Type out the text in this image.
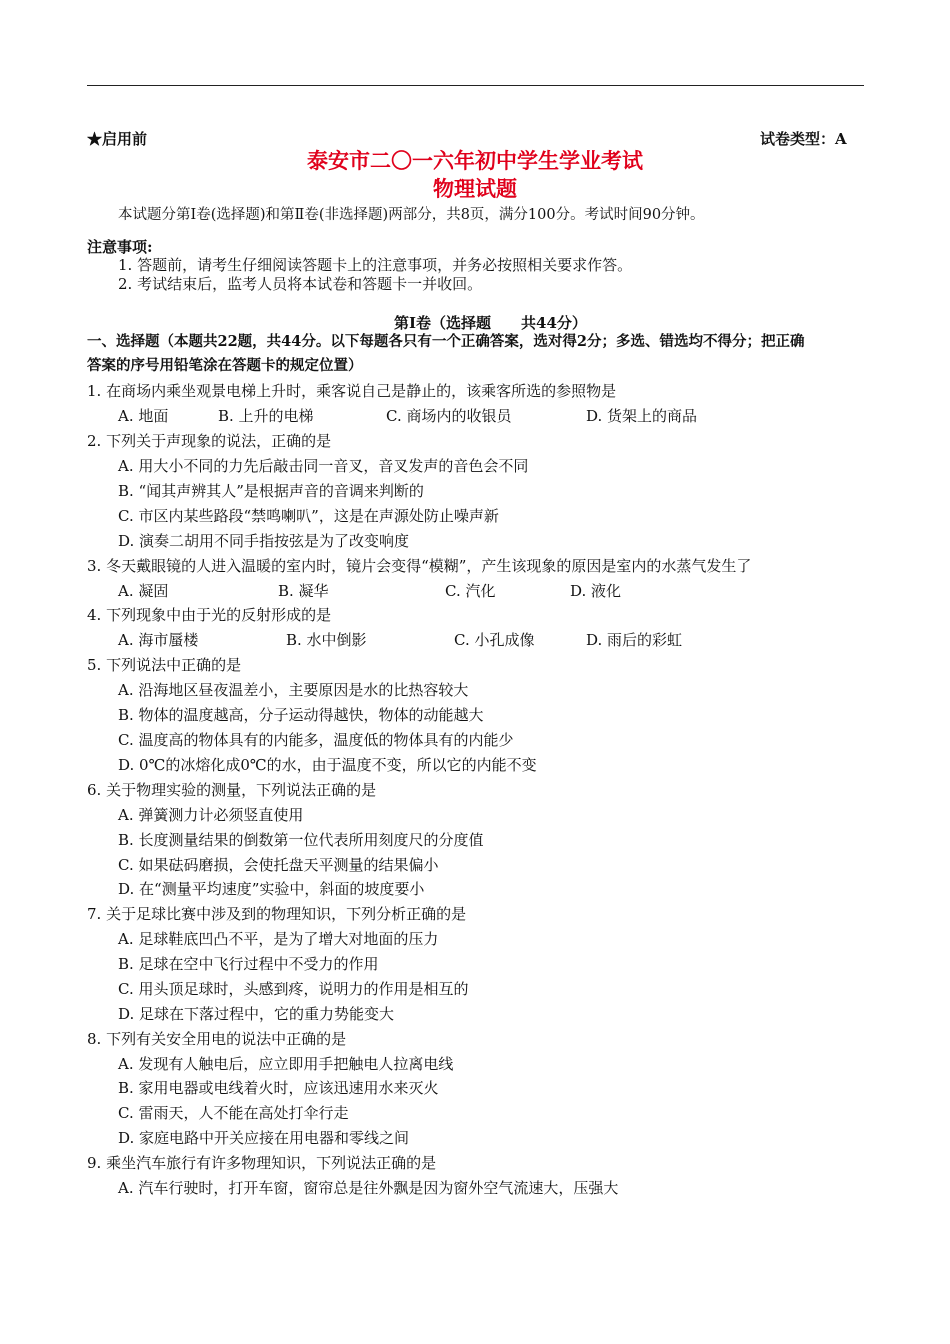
★启用前	试卷类型：A
泰安市二〇一六年初中学生学业考试
物理试题
本试题分第Ⅰ卷(选择题)和第Ⅱ卷(非选择题)两部分，共8页，满分100分。考试时间90分钟。
注意事项:
1. 答题前，请考生仔细阅读答题卡上的注意事项，并务必按照相关要求作答。
2. 考试结束后，监考人员将本试卷和答题卡一并收回。
第Ⅰ卷（选择题　　共44分）
一、选择题（本题共22题，共44分。以下每题各只有一个正确答案，选对得2分；多选、错选均不得分；把正确
答案的序号用铅笔涂在答题卡的规定位置）
1. 在商场内乘坐观景电梯上升时，乘客说自己是静止的，该乘客所选的参照物是
A. 地面	B. 上升的电梯	C. 商场内的收银员	D. 货架上的商品
2. 下列关于声现象的说法，正确的是
A. 用大小不同的力先后敲击同一音叉，音叉发声的音色会不同
B. “闻其声辨其人”是根据声音的音调来判断的
C. 市区内某些路段“禁鸣喇叭”，这是在声源处防止噪声新
D. 演奏二胡用不同手指按弦是为了改变响度
3. 冬天戴眼镜的人进入温暖的室内时，镜片会变得“模糊”，产生该现象的原因是室内的水蒸气发生了
A. 凝固	B. 凝华	C. 汽化	D. 液化
4. 下列现象中由于光的反射形成的是
A. 海市蜃楼	B. 水中倒影	C. 小孔成像	D. 雨后的彩虹
5. 下列说法中正确的是
A. 沿海地区昼夜温差小，主要原因是水的比热容较大
B. 物体的温度越高，分子运动得越快，物体的动能越大
C. 温度高的物体具有的内能多，温度低的物体具有的内能少
D. 0℃的冰熔化成0℃的水，由于温度不变，所以它的内能不变
6. 关于物理实验的测量，下列说法正确的是
A. 弹簧测力计必须竖直使用
B. 长度测量结果的倒数第一位代表所用刻度尺的分度值
C. 如果砝码磨损，会使托盘天平测量的结果偏小
D. 在“测量平均速度”实验中，斜面的坡度要小
7. 关于足球比赛中涉及到的物理知识，下列分析正确的是
A. 足球鞋底凹凸不平，是为了增大对地面的压力
B. 足球在空中飞行过程中不受力的作用
C. 用头顶足球时，头感到疼，说明力的作用是相互的
D. 足球在下落过程中，它的重力势能变大
8. 下列有关安全用电的说法中正确的是
A. 发现有人触电后，应立即用手把触电人拉离电线
B. 家用电器或电线着火时，应该迅速用水来灭火
C. 雷雨天，人不能在高处打伞行走
D. 家庭电路中开关应接在用电器和零线之间
9. 乘坐汽车旅行有许多物理知识，下列说法正确的是
A. 汽车行驶时，打开车窗，窗帘总是往外飘是因为窗外空气流速大，压强大
